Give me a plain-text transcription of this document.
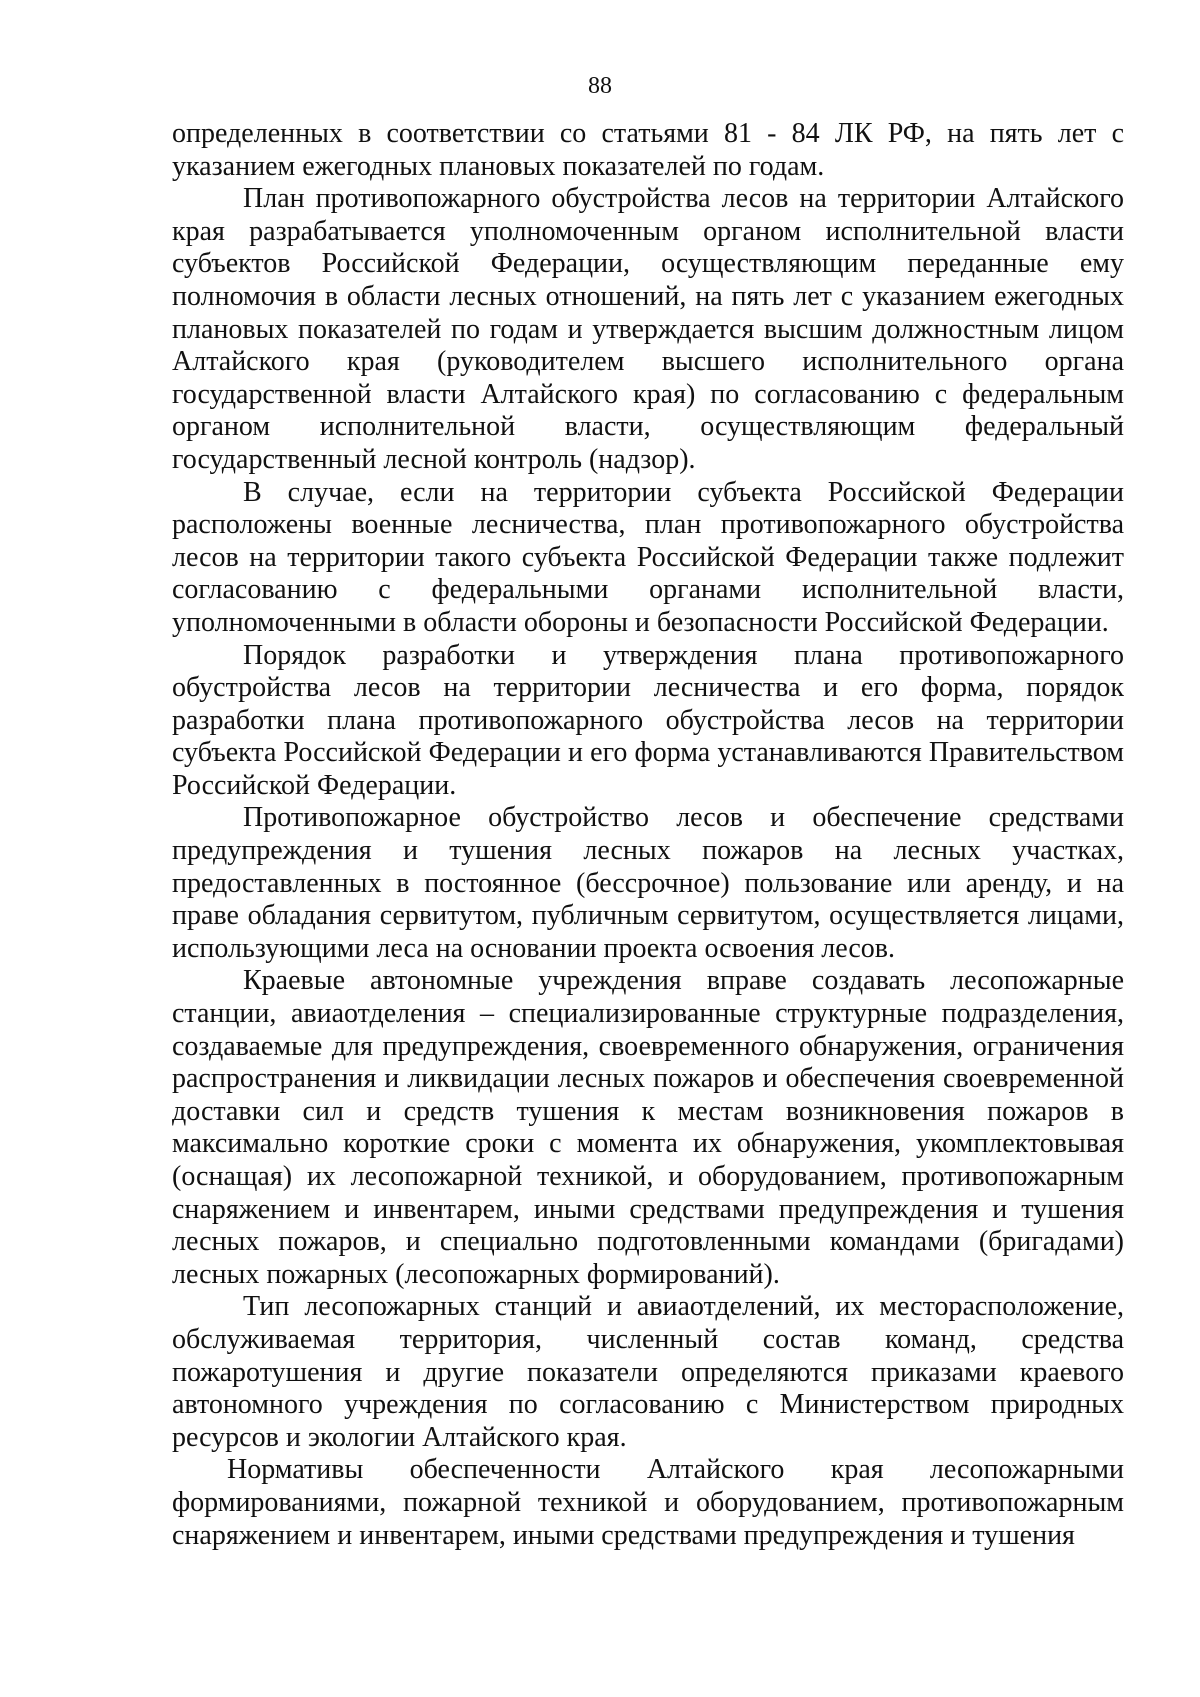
88

определенных в соответствии со статьями 81 - 84 ЛК РФ, на пять лет с указанием ежегодных плановых показателей по годам.

План противопожарного обустройства лесов на территории Алтайского края разрабатывается уполномоченным органом исполнительной власти субъектов Российской Федерации, осуществляющим переданные ему полномочия в области лесных отношений, на пять лет с указанием ежегодных плановых показателей по годам и утверждается высшим должностным лицом Алтайского края (руководителем высшего исполнительного органа государственной власти Алтайского края) по согласованию с федеральным органом исполнительной власти, осуществляющим федеральный государственный лесной контроль (надзор).

В случае, если на территории субъекта Российской Федерации расположены военные лесничества, план противопожарного обустройства лесов на территории такого субъекта Российской Федерации также подлежит согласованию с федеральными органами исполнительной власти, уполномоченными в области обороны и безопасности Российской Федерации.

Порядок разработки и утверждения плана противопожарного обустройства лесов на территории лесничества и его форма, порядок разработки плана противопожарного обустройства лесов на территории субъекта Российской Федерации и его форма устанавливаются Правительством Российской Федерации.

Противопожарное обустройство лесов и обеспечение средствами предупреждения и тушения лесных пожаров на лесных участках, предоставленных в постоянное (бессрочное) пользование или аренду, и на праве обладания сервитутом, публичным сервитутом, осуществляется лицами, использующими леса на основании проекта освоения лесов.

Краевые автономные учреждения вправе создавать лесопожарные станции, авиаотделения – специализированные структурные подразделения, создаваемые для предупреждения, своевременного обнаружения, ограничения распространения и ликвидации лесных пожаров и обеспечения своевременной доставки сил и средств тушения к местам возникновения пожаров в максимально короткие сроки с момента их обнаружения, укомплектовывая (оснащая) их лесопожарной техникой, и оборудованием, противопожарным снаряжением и инвентарем, иными средствами предупреждения и тушения лесных пожаров, и специально подготовленными командами (бригадами) лесных пожарных (лесопожарных формирований).

Тип лесопожарных станций и авиаотделений, их месторасположение, обслуживаемая территория, численный состав команд, средства пожаротушения и другие показатели определяются приказами краевого автономного учреждения по согласованию с Министерством природных ресурсов и экологии Алтайского края.

Нормативы обеспеченности Алтайского края лесопожарными формированиями, пожарной техникой и оборудованием, противопожарным снаряжением и инвентарем, иными средствами предупреждения и тушения
